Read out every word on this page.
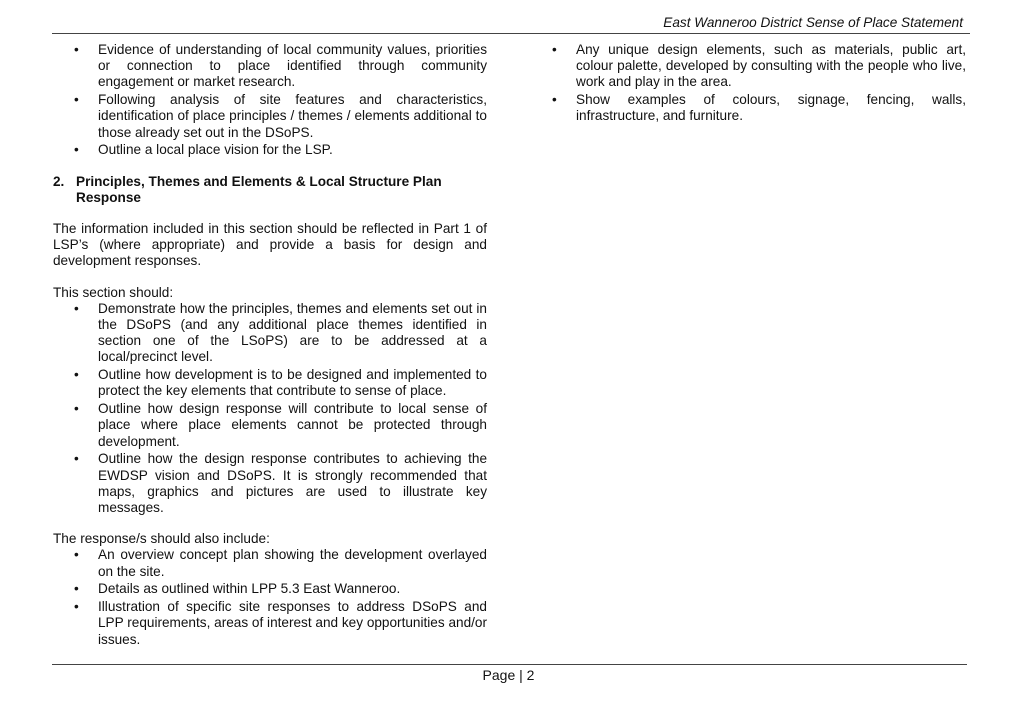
East Wanneroo District Sense of Place Statement
• Evidence of understanding of local community values, priorities or connection to place identified through community engagement or market research.
• Following analysis of site features and characteristics, identification of place principles / themes / elements additional to those already set out in the DSoPS.
• Outline a local place vision for the LSP.
2. Principles, Themes and Elements & Local Structure Plan Response

The information included in this section should be reflected in Part 1 of LSP’s (where appropriate) and provide a basis for design and development responses.

This section should:

• Demonstrate how the principles, themes and elements set out in the DSoPS (and any additional place themes identified in section one of the LSoPS) are to be addressed at a local/precinct level.
• Outline how development is to be designed and implemented to protect the key elements that contribute to sense of place.
• Outline how design response will contribute to local sense of place where place elements cannot be protected through development.
• Outline how the design response contributes to achieving the EWDSP vision and DSoPS. It is strongly recommended that maps, graphics and pictures are used to illustrate key messages.

The response/s should also include:

• An overview concept plan showing the development overlayed on the site.
• Details as outlined within LPP 5.3 East Wanneroo.
• Illustration of specific site responses to address DSoPS and LPP requirements, areas of interest and key opportunities and/or issues.
• Any unique design elements, such as materials, public art, colour palette, developed by consulting with the people who live, work and play in the area.
• Show examples of colours, signage, fencing, walls, infrastructure, and furniture.
Page | 2
